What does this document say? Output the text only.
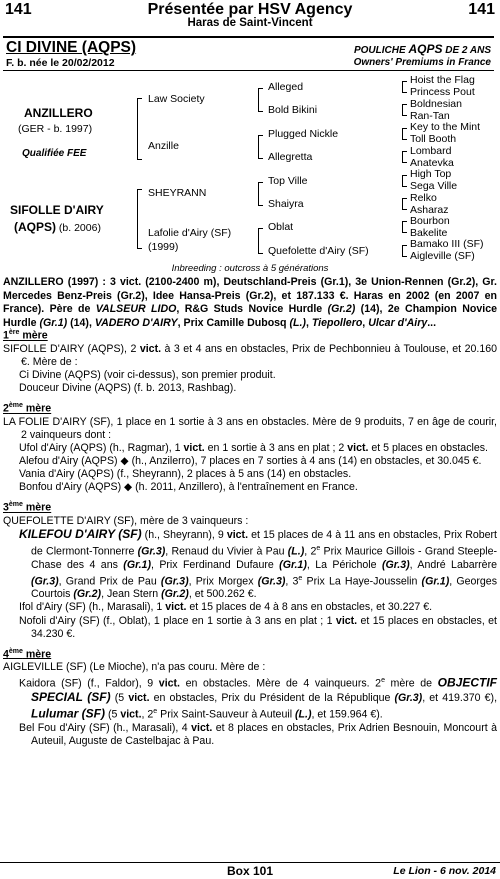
141	Présentée par HSV Agency
Haras de Saint-Vincent
141
CI DIVINE (AQPS)
F. b. née le 20/02/2012
POULICHE AQPS DE 2 ANS
Owners' Premiums in France
ANZILLERO
(GER - b. 1997)
Qualifiée FEE
SIFOLLE D'AIRY
(AQPS) (b. 2006)
Law Society
Anzille
SHEYRANN
Lafolie d'Airy (SF)
(1999)
Alleged
Bold Bikini
Plugged Nickle
Allegretta
Top Ville
Shaiyra
Oblat
Quefolette d'Airy (SF)
Hoist the Flag
Princess Pout
Boldnesian
Ran-Tan
Key to the Mint
Toll Booth
Lombard
Anatevka
High Top
Sega Ville
Relko
Asharaz
Bourbon
Bakelite
Bamako III (SF)
Aigleville (SF)
Inbreeding : outcross à 5 générations
ANZILLERO (1997) : 3 vict. (2100-2400 m), Deutschland-Preis (Gr.1), 3e Union-Rennen (Gr.2), Gr. Mercedes Benz-Preis (Gr.2), Idee Hansa-Preis (Gr.2), et 187.133 €. Haras en 2002 (en 2007 en France). Père de VALSEUR LIDO, R&G Studs Novice Hurdle (Gr.2) (14), 2e Champion Novice Hurdle (Gr.1) (14), VADERO D'AIRY, Prix Camille Dubosq (L.), Tiepollero, Ulcar d'Airy...

1ère mère

SIFOLLE D'AIRY (AQPS), 2 vict. à 3 et 4 ans en obstacles, Prix de Pechbonnieu à Toulouse, et 20.160 €. Mère de :

Ci Divine (AQPS) (voir ci-dessus), son premier produit.

Douceur Divine (AQPS) (f. b. 2013, Rashbag).

2ème mère

LA FOLIE D'AIRY (SF), 1 place en 1 sortie à 3 ans en obstacles. Mère de 9 produits, 7 en âge de courir, 2 vainqueurs dont :

Ufol d'Airy (AQPS) (h., Ragmar), 1 vict. en 1 sortie à 3 ans en plat ; 2 vict. et 5 places en obstacles.

Alefou d'Airy (AQPS) ◆ (h., Anzilerro), 7 places en 7 sorties à 4 ans (14) en obstacles, et 30.045 €.

Vania d'Airy (AQPS) (f., Sheyrann), 2 places à 5 ans (14) en obstacles.

Bonfou d'Airy (AQPS) ◆ (h. 2011, Anzillero), à l'entraînement en France.

3ème mère

QUEFOLETTE D'AIRY (SF), mère de 3 vainqueurs :

KILEFOU D'AIRY (SF) (h., Sheyrann), 9 vict. et 15 places de 4 à 11 ans en obstacles, Prix Robert de Clermont-Tonnerre (Gr.3), Renaud du Vivier à Pau (L.), 2e Prix Maurice Gillois - Grand Steeple-Chase des 4 ans (Gr.1), Prix Ferdinand Dufaure (Gr.1), La Périchole (Gr.3), André Labarrère (Gr.3), Grand Prix de Pau (Gr.3), Prix Morgex (Gr.3), 3e Prix La Haye-Jousselin (Gr.1), Georges Courtois (Gr.2), Jean Stern (Gr.2), et 500.262 €.

Ifol d'Airy (SF) (h., Marasali), 1 vict. et 15 places de 4 à 8 ans en obstacles, et 30.227 €.

Nofoli d'Airy (SF) (f., Oblat), 1 place en 1 sortie à 3 ans en plat ; 1 vict. et 15 places en obstacles, et 34.230 €.

4ème mère

AIGLEVILLE (SF) (Le Mioche), n'a pas couru. Mère de :

Kaidora (SF) (f., Faldor), 9 vict. en obstacles. Mère de 4 vainqueurs. 2e mère de OBJECTIF SPECIAL (SF) (5 vict. en obstacles, Prix du Président de la République (Gr.3), et 419.370 €), Lulumar (SF) (5 vict., 2e Prix Saint-Sauveur à Auteuil (L.), et 159.964 €).

Bel Fou d'Airy (SF) (h., Marasali), 4 vict. et 8 places en obstacles, Prix Adrien Besnouin, Moncourt à Auteuil, Auguste de Castelbajac à Pau.

Box 101	Le Lion - 6 nov. 2014
